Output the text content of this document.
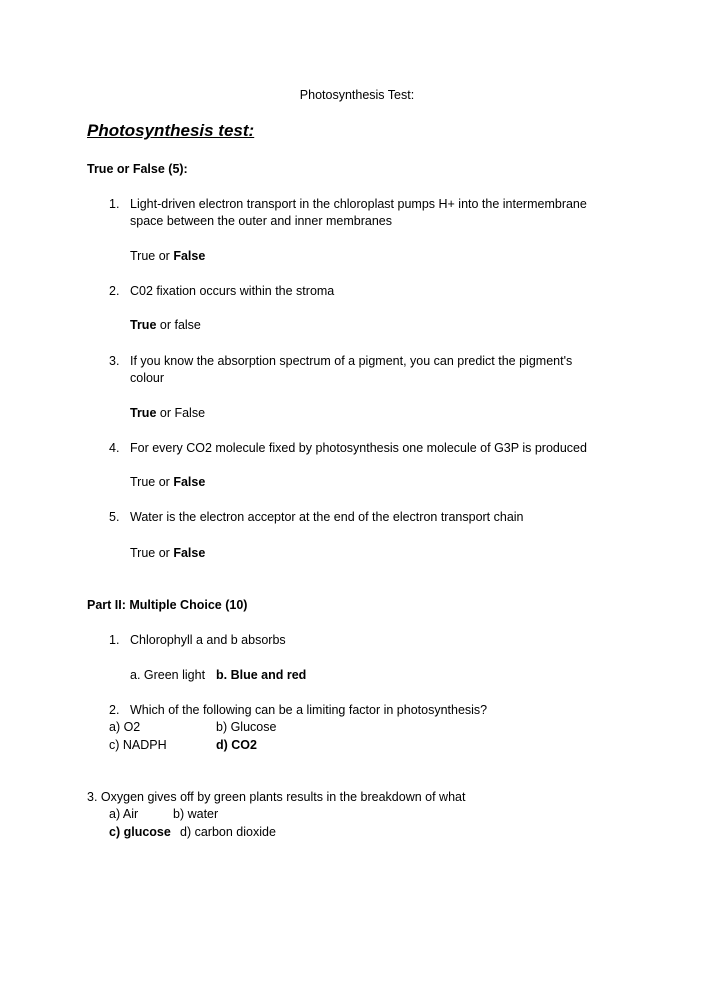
Photosynthesis Test:
Photosynthesis test:
True or False (5):
1. Light-driven electron transport in the chloroplast pumps H+ into the intermembrane
space between the outer and inner membranes
True or False
2. C02 fixation occurs within the stroma
True or false
3. If you know the absorption spectrum of a pigment, you can predict the pigment's
colour
True or False
4. For every CO2 molecule fixed by photosynthesis one molecule of G3P is produced
True or False
5. Water is the electron acceptor at the end of the electron transport chain
True or False
Part II: Multiple Choice (10)
1. Chlorophyll a and b absorbs
a. Green light b. Blue and red
2. Which of the following can be a limiting factor in photosynthesis?
a) O2	b) Glucose
c) NADPH	d) CO2
3. Oxygen gives off by green plants results in the breakdown of what
a) Air	b) water
c) glucose d) carbon dioxide
